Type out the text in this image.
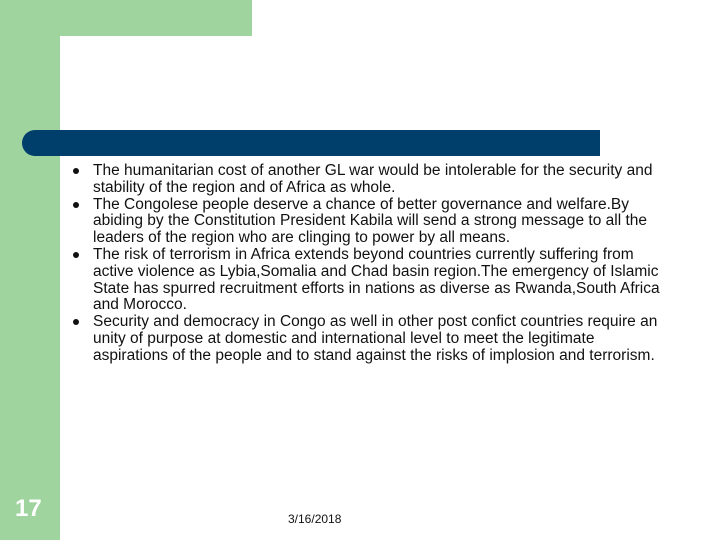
The humanitarian cost of another GL war would be intolerable for the security and stability of the region and of Africa as whole.
The Congolese people deserve a chance of better governance and welfare.By abiding by the Constitution President Kabila will send a strong message to all the leaders of the region who are clinging to power by all means.
The risk of terrorism in Africa extends beyond countries currently suffering from active violence as Lybia,Somalia and Chad basin region.The emergency of Islamic State has spurred recruitment efforts in nations as diverse as Rwanda,South Africa and Morocco.
Security and democracy in Congo as well in other post confict countries require an unity of purpose at domestic and international level to meet the legitimate aspirations of the people and to stand against the risks of implosion and terrorism.
17	3/16/2018
